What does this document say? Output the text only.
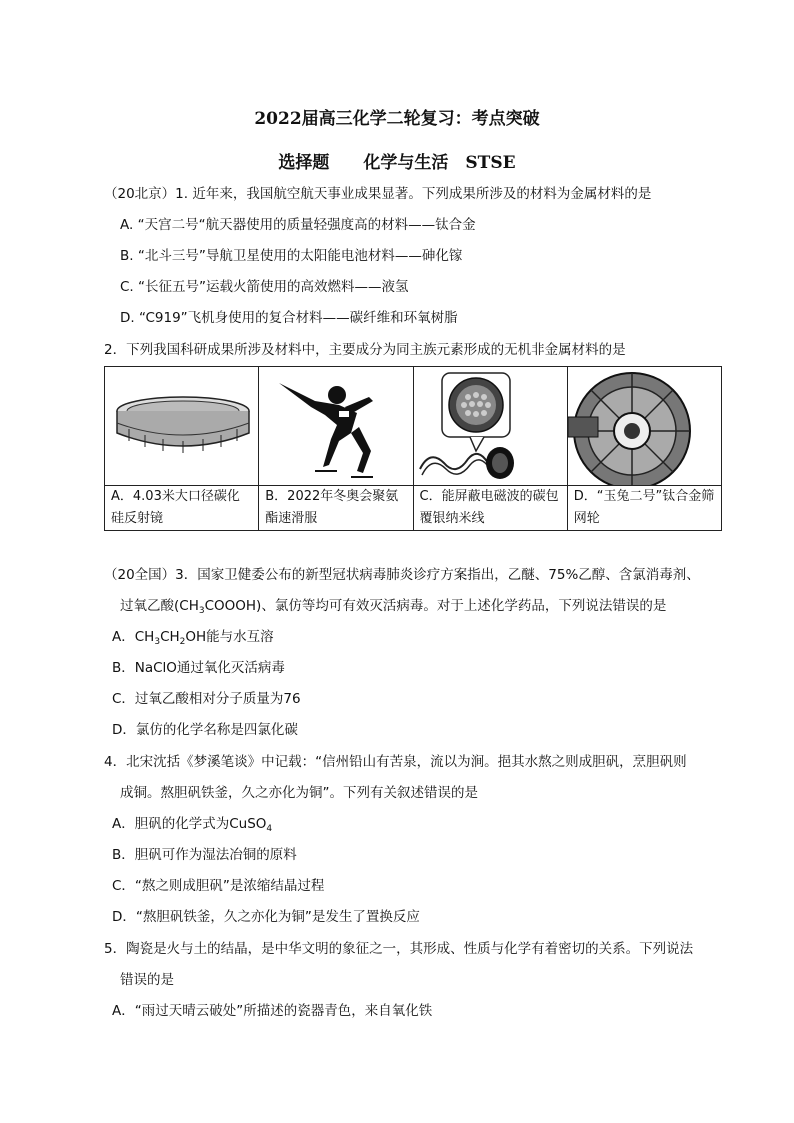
2022届高三化学二轮复习：考点突破
选择题　　化学与生活　STSE
（20北京）1. 近年来，我国航空航天事业成果显著。下列成果所涉及的材料为金属材料的是
A. “天宫二号“航天器使用的质量轻强度高的材料——钛合金
B. “北斗三号”导航卫星使用的太阳能电池材料——砷化镓
C. “长征五号”运载火箭使用的高效燃料——液氢
D. “C919”飞机身使用的复合材料——碳纤维和环氧树脂
2．下列我国科研成果所涉及材料中，主要成分为同主族元素形成的无机非金属材料的是

A．4.03米大口径碳化硅反射镜	B．2022年冬奥会聚氨酯速滑服	C．能屏蔽电磁波的碳包覆银纳米线	D．“玉兔二号”钛合金筛网轮
（20全国）3．国家卫健委公布的新型冠状病毒肺炎诊疗方案指出，乙醚、75%乙醇、含氯消毒剂、
过氧乙酸$(CH_3COOOH)$、氯仿等均可有效灭活病毒。对于上述化学药品，下列说法错误的是
A．$CH_3CH_2OH$能与水互溶
B．NaClO通过氧化灭活病毒
C．过氧乙酸相对分子质量为76
D．氯仿的化学名称是四氯化碳
4．北宋沈括《梦溪笔谈》中记载：“信州铅山有苦泉，流以为涧。挹其水熬之则成胆矾，烹胆矾则
成铜。熬胆矾铁釜，久之亦化为铜”。下列有关叙述错误的是
A．胆矾的化学式为CuSO$_4$
B．胆矾可作为湿法冶铜的原料
C．“熬之则成胆矾”是浓缩结晶过程
D．“熬胆矾铁釜，久之亦化为铜”是发生了置换反应
5．陶瓷是火与土的结晶，是中华文明的象征之一，其形成、性质与化学有着密切的关系。下列说法
错误的是
A．“雨过天晴云破处”所描述的瓷器青色，来自氧化铁
